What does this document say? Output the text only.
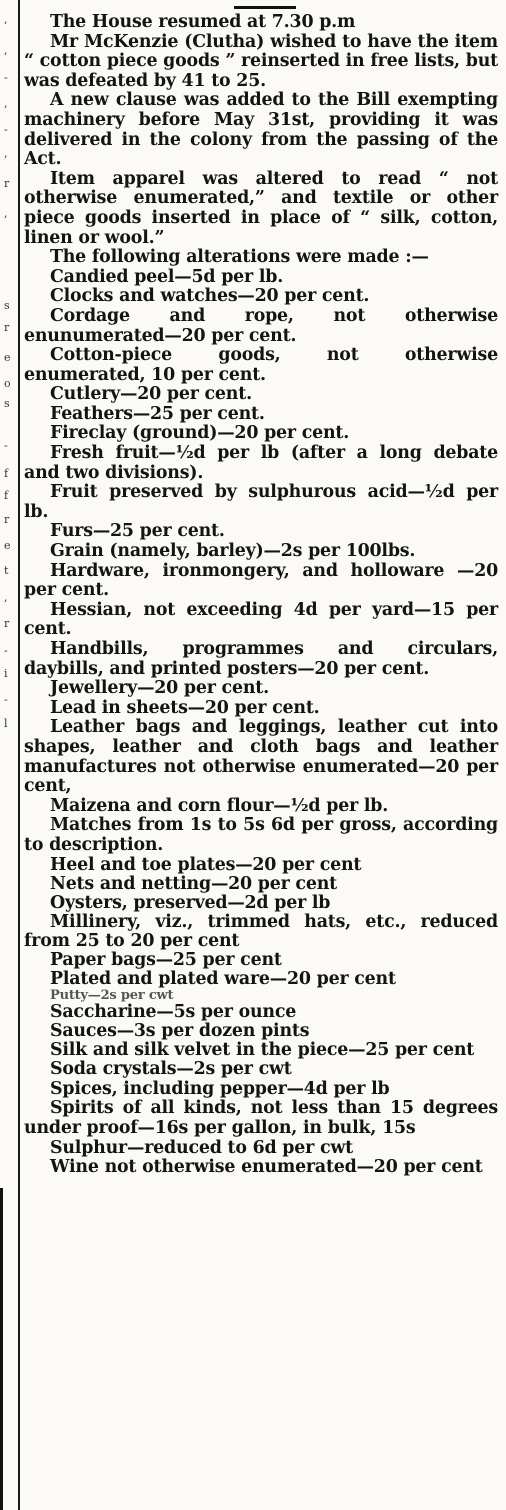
,
,
-
,
-
,
r
,
s
r
e
o
s
-
f
f
r
e
t
,
r
-
i
-
l

The House resumed at 7.30 p.m

Mr McKenzie (Clutha) wished to have the item “ cotton piece goods ” reinserted in free lists, but was defeated by 41 to 25.

A new clause was added to the Bill exempting machinery before May 31st, providing it was delivered in the colony from the passing of the Act.

Item apparel was altered to read “ not otherwise enumerated,” and textile or other piece goods inserted in place of “ silk, cotton, linen or wool.”

The following alterations were made :—

Candied peel—5d per lb.

Clocks and watches—20 per cent.

Cordage and rope, not otherwise enunumerated—20 per cent.

Cotton-piece goods, not otherwise enumerated, 10 per cent.

Cutlery—20 per cent.

Feathers—25 per cent.

Fireclay (ground)—20 per cent.

Fresh fruit—½d per lb (after a long debate and two divisions).

Fruit preserved by sulphurous acid—½d per lb.

Furs—25 per cent.

Grain (namely, barley)—2s per 100lbs.

Hardware, ironmongery, and holloware —20 per cent.

Hessian, not exceeding 4d per yard—15 per cent.

Handbills, programmes and circulars, daybills, and printed posters—20 per cent.

Jewellery—20 per cent.

Lead in sheets—20 per cent.

Leather bags and leggings, leather cut into shapes, leather and cloth bags and leather manufactures not otherwise enumerated—20 per cent,

Maizena and corn flour—½d per lb.

Matches from 1s to 5s 6d per gross, according to description.

Heel and toe plates—20 per cent

Nets and netting—20 per cent

Oysters, preserved—2d per lb

Millinery, viz., trimmed hats, etc., reduced from 25 to 20 per cent

Paper bags—25 per cent

Plated and plated ware—20 per cent

Putty—2s per cwt

Saccharine—5s per ounce

Sauces—3s per dozen pints

Silk and silk velvet in the piece—25 per cent

Soda crystals—2s per cwt

Spices, including pepper—4d per lb

Spirits of all kinds, not less than 15 degrees under proof—16s per gallon, in bulk, 15s

Sulphur—reduced to 6d per cwt

Wine not otherwise enumerated—20 per cent
